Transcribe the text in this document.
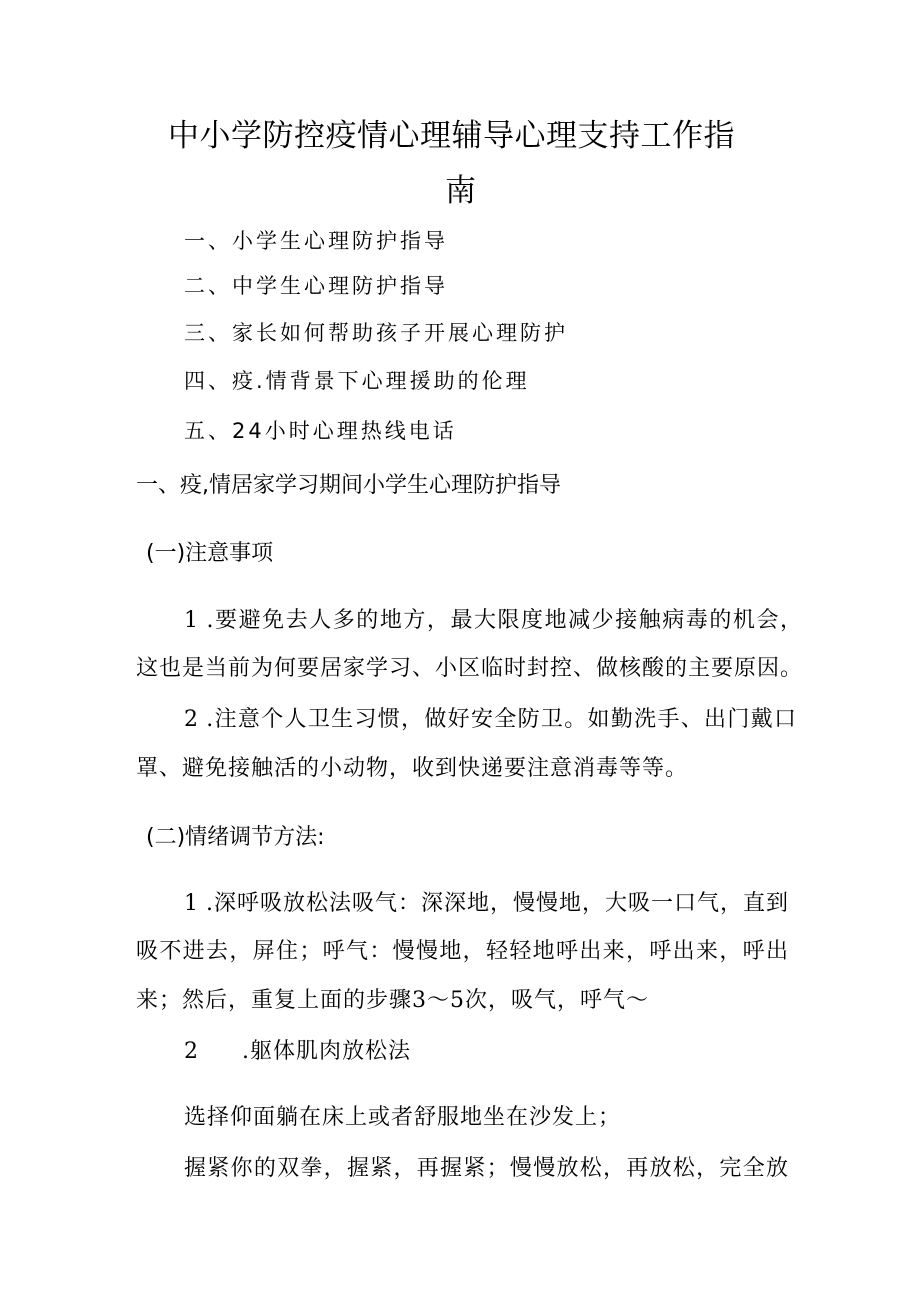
中小学防控疫情心理辅导心理支持工作指
南
一、小学生心理防护指导
二、中学生心理防护指导
三、家长如何帮助孩子开展心理防护
四、疫.情背景下心理援助的伦理
五、24小时心理热线电话
一、疫,情居家学习期间小学生心理防护指导
(一)注意事项
1 .要避免去人多的地方，最大限度地减少接触病毒的机会，
这也是当前为何要居家学习、小区临时封控、做核酸的主要原因。
2 .注意个人卫生习惯，做好安全防卫。如勤洗手、出门戴口
罩、避免接触活的小动物，收到快递要注意消毒等等。
(二)情绪调节方法:
1 .深呼吸放松法吸气：深深地，慢慢地，大吸一口气，直到
吸不进去，屏住；呼气：慢慢地，轻轻地呼出来，呼出来，呼出
来；然后，重复上面的步骤3～5次，吸气，呼气～
2 .躯体肌肉放松法
选择仰面躺在床上或者舒服地坐在沙发上；
握紧你的双拳，握紧，再握紧；慢慢放松，再放松，完全放
